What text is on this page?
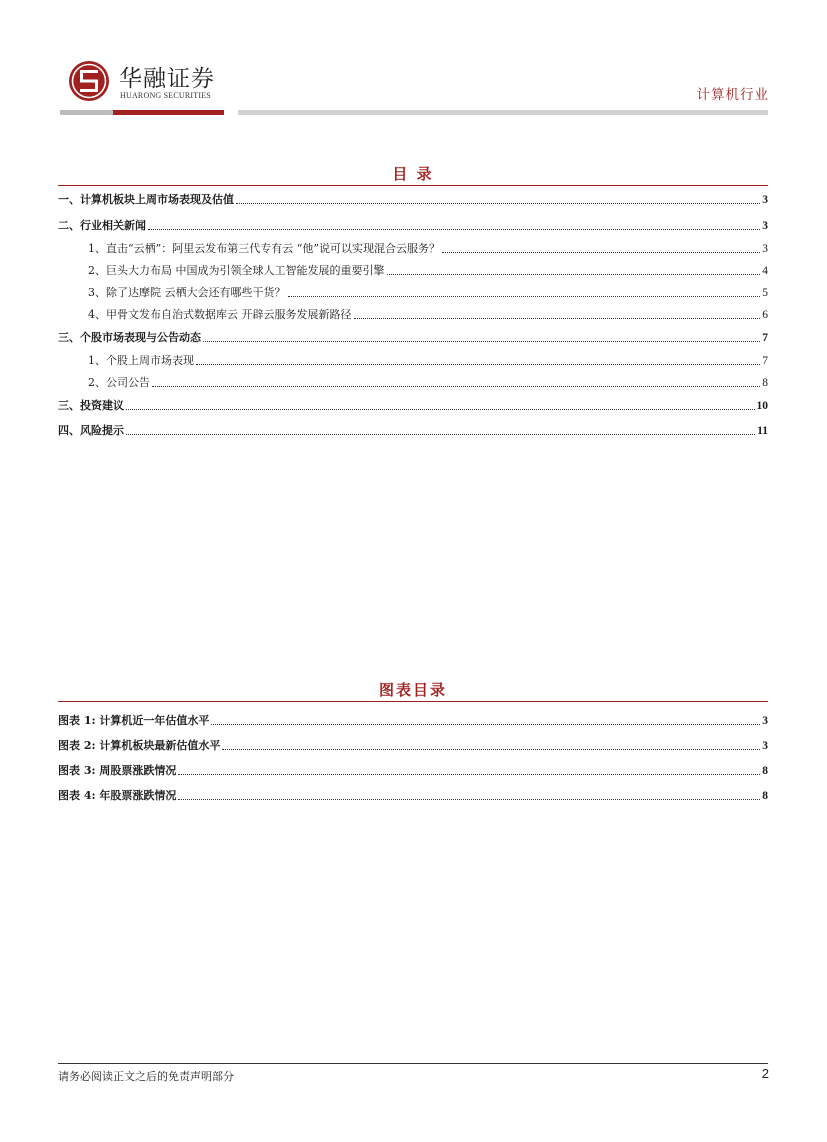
华融证券
HUARONG SECURITIES	计算机行业
目 录
一、计算机板块上周市场表现及估值	3
二、行业相关新闻	3
1、直击“云栖”：阿里云发布第三代专有云 “他”说可以实现混合云服务？	3
2、巨头大力布局 中国成为引领全球人工智能发展的重要引擎	4
3、除了达摩院 云栖大会还有哪些干货？	5
4、甲骨文发布自治式数据库云 开辟云服务发展新路径	6
三、个股市场表现与公告动态	7
1、个股上周市场表现	7
2、公司公告	8
三、投资建议	10
四、风险提示	11
图表目录
图表 1: 计算机近一年估值水平	3
图表 2: 计算机板块最新估值水平	3
图表 3: 周股票涨跌情况	8
图表 4: 年股票涨跌情况	8
请务必阅读正文之后的免责声明部分	2
